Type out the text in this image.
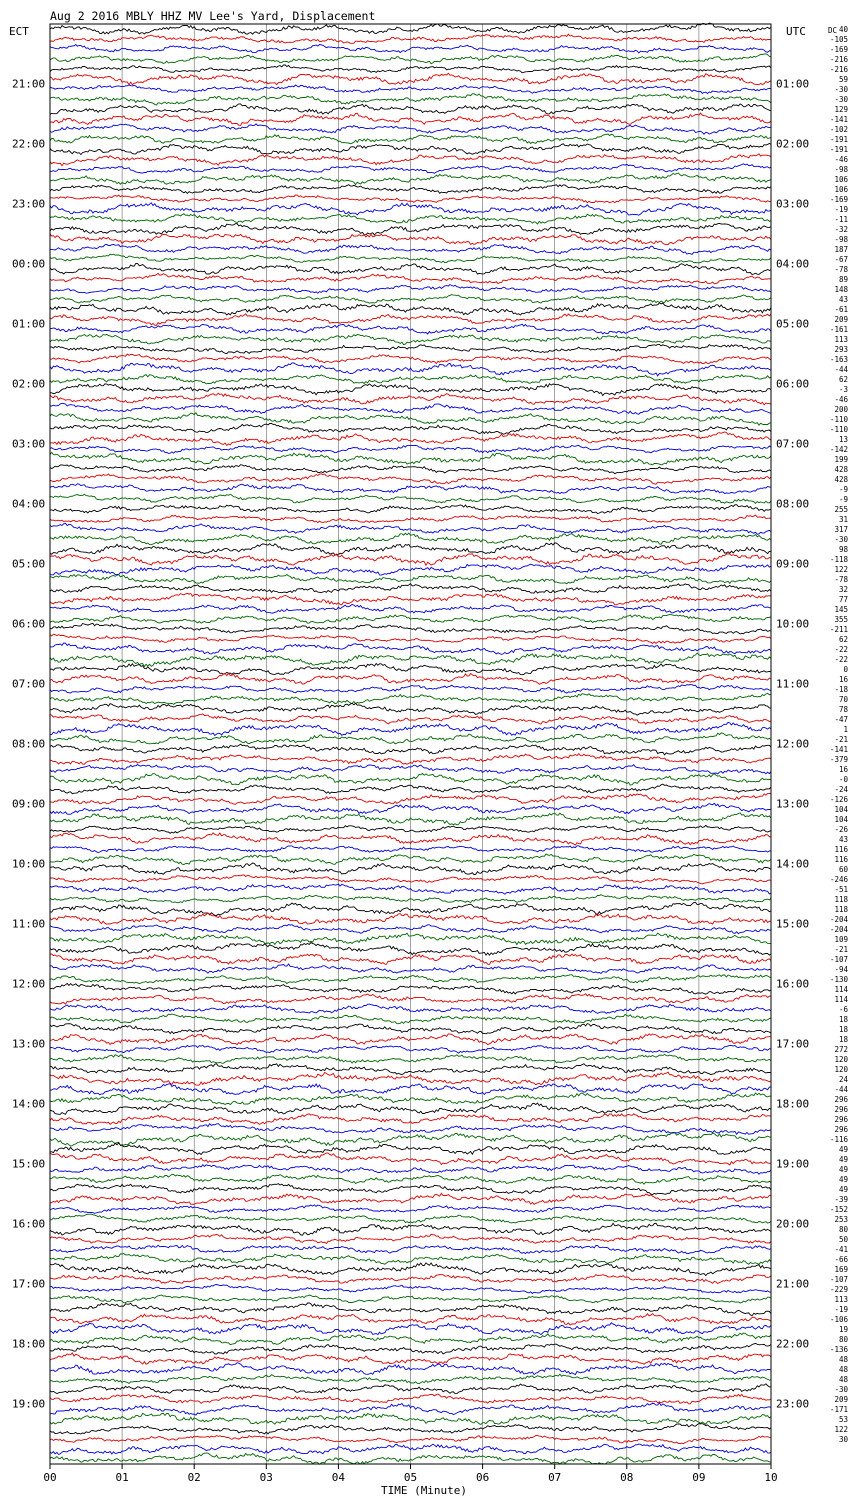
Aug 2 2016 MBLY HHZ MV Lee's Yard, Displacement
ECT	UTC	DC
TIME (Minute)
21:00
22:00
23:00
00:00
01:00
02:00
03:00
04:00
05:00
06:00
07:00
08:00
09:00
10:00
11:00
12:00
13:00
14:00
15:00
16:00
17:00
18:00
19:00
01:00
02:00
03:00
04:00
05:00
06:00
07:00
08:00
09:00
10:00
11:00
12:00
13:00
14:00
15:00
16:00
17:00
18:00
19:00
20:00
21:00
22:00
23:00
40
-105
-169
-216
-216
59
-30
-30
129
-141
-102
-191
-191
-46
-98
106
106
-169
-19
-11
-32
-98
187
-67
-78
89
148
43
-61
209
-161
113
293
-163
-44
62
-3
-46
200
-110
-110
13
-142
199
428
428
-9
-9
255
31
317
-30
98
-118
122
-78
32
77
145
355
-211
62
-22
-22
0
16
-18
70
78
-47
1
-21
-141
-379
16
-0
-24
-126
104
104
-26
43
116
116
60
-246
-51
118
118
-204
-204
109
-21
-107
-94
-130
114
114
-6
18
18
18
272
120
120
24
-44
296
296
296
296
-116
49
49
49
49
49
-39
-152
253
80
50
-41
-66
169
-107
-229
113
-19
-106
19
80
-136
48
48
48
-30
209
-171
53
122
30
00	01	02	03	04	05	06	07	08	09	10
